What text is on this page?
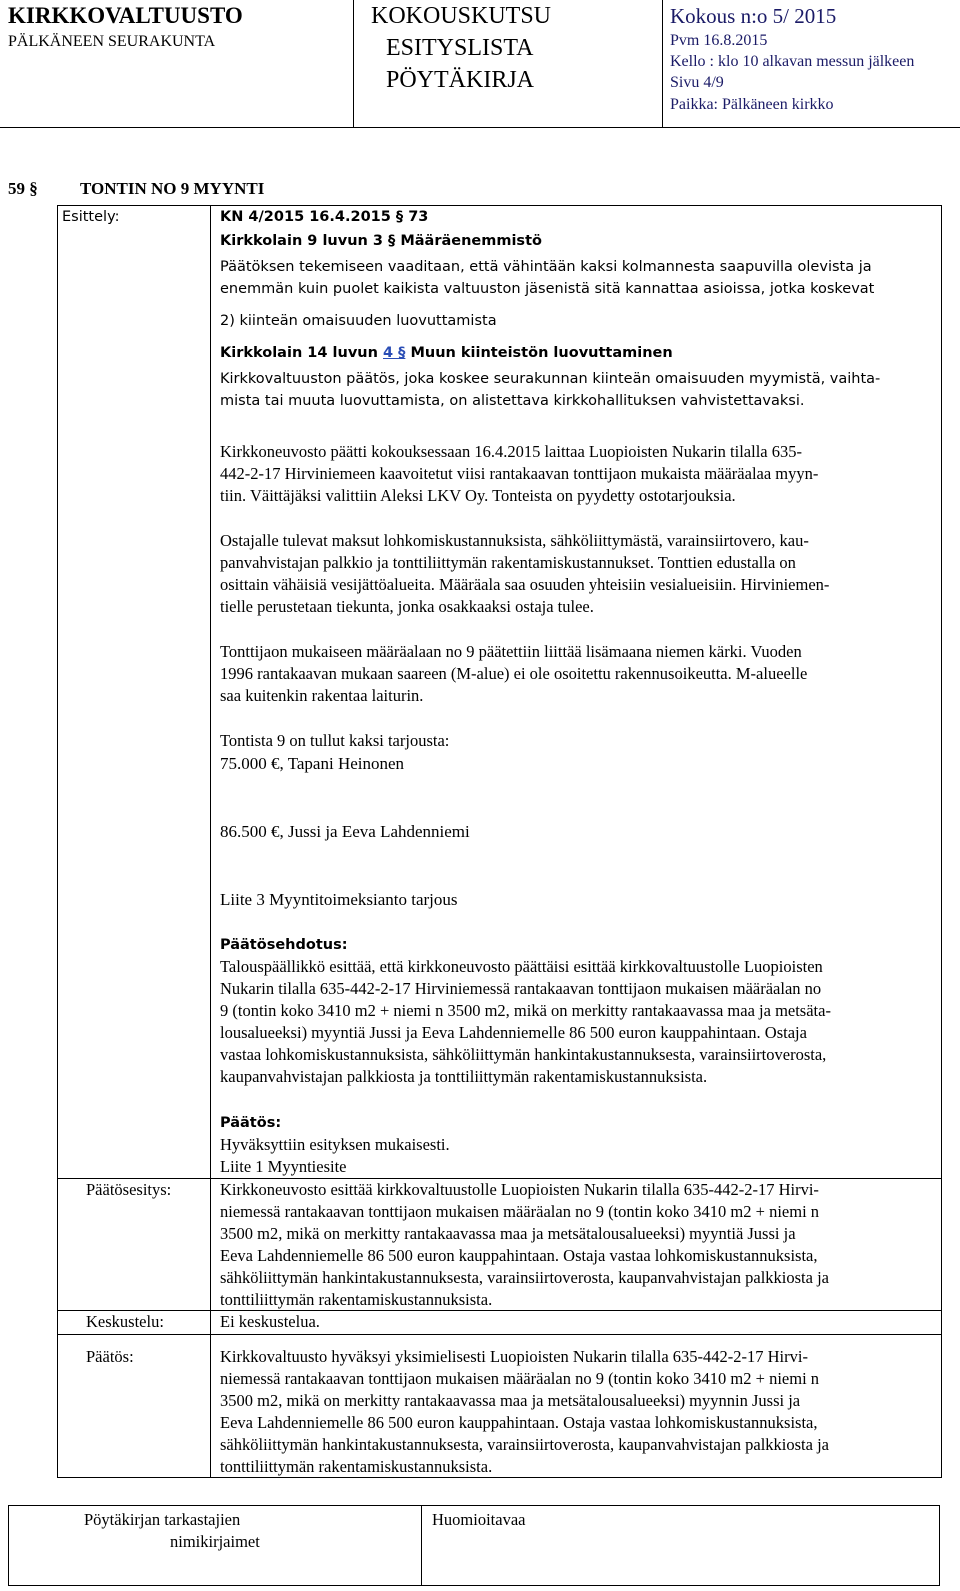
KIRKKOVALTUUSTO
PÄLKÄNEEN SEURAKUNTA
KOKOUSKUTSU
ESITYSLISTA
PÖYTÄKIRJA
Kokous n:o 5/ 2015
Pvm 16.8.2015
Kello : klo 10 alkavan messun jälkeen
Sivu 4/9
Paikka: Pälkäneen kirkko
59 § TONTIN NO 9 MYYNTI
Esittely:	KN 4/2015 16.4.2015 § 73
Kirkkolain 9 luvun 3 § Määräenemmistö
Päätöksen tekemiseen vaaditaan, että vähintään kaksi kolmannesta saapuvilla olevista ja
enemmän kuin puolet kaikista valtuuston jäsenistä sitä kannattaa asioissa, jotka koskevat
2) kiinteän omaisuuden luovuttamista
Kirkkolain 14 luvun 4 § Muun kiinteistön luovuttaminen
Kirkkovaltuuston päätös, joka koskee seurakunnan kiinteän omaisuuden myymistä, vaihta-
mista tai muuta luovuttamista, on alistettava kirkkohallituksen vahvistettavaksi.
Kirkkoneuvosto päätti kokouksessaan 16.4.2015 laittaa Luopioisten Nukarin tilalla 635-
442-2-17 Hirviniemeen kaavoitetut viisi rantakaavan tonttijaon mukaista määräalaa myyn-
tiin. Väittäjäksi valittiin Aleksi LKV Oy. Tonteista on pyydetty ostotarjouksia.
Ostajalle tulevat maksut lohkomiskustannuksista, sähköliittymästä, varainsiirtovero, kau-
panvahvistajan palkkio ja tonttiliittymän rakentamiskustannukset. Tonttien edustalla on
osittain vähäisiä vesijättöalueita. Määräala saa osuuden yhteisiin vesialueisiin. Hirviniemen-
tielle perustetaan tiekunta, jonka osakkaaksi ostaja tulee.
Tonttijaon mukaiseen määräalaan no 9 päätettiin liittää lisämaana niemen kärki. Vuoden
1996 rantakaavan mukaan saareen (M-alue) ei ole osoitettu rakennusoikeutta. M-alueelle
saa kuitenkin rakentaa laiturin.
Tontista 9 on tullut kaksi tarjousta:
75.000 €, Tapani Heinonen
86.500 €, Jussi ja Eeva Lahdenniemi
Liite 3 Myyntitoimeksianto tarjous
Päätösehdotus:
Talouspäällikkö esittää, että kirkkoneuvosto päättäisi esittää kirkkovaltuustolle Luopioisten
Nukarin tilalla 635-442-2-17 Hirviniemessä rantakaavan tonttijaon mukaisen määräalan no
9 (tontin koko 3410 m2 + niemi n 3500 m2, mikä on merkitty rantakaavassa maa ja metsäta-
lousalueeksi) myyntiä Jussi ja Eeva Lahdenniemelle 86 500 euron kauppahintaan. Ostaja
vastaa lohkomiskustannuksista, sähköliittymän hankintakustannuksesta, varainsiirtoverosta,
kaupanvahvistajan palkkiosta ja tonttiliittymän rakentamiskustannuksista.
Päätös:
Hyväksyttiin esityksen mukaisesti.
Liite 1 Myyntiesite
Päätösesitys:	Kirkkoneuvosto esittää kirkkovaltuustolle Luopioisten Nukarin tilalla 635-442-2-17 Hirvi-
niemessä rantakaavan tonttijaon mukaisen määräalan no 9 (tontin koko 3410 m2 + niemi n
3500 m2, mikä on merkitty rantakaavassa maa ja metsätalousalueeksi) myyntiä Jussi ja
Eeva Lahdenniemelle 86 500 euron kauppahintaan. Ostaja vastaa lohkomiskustannuksista,
sähköliittymän hankintakustannuksesta, varainsiirtoverosta, kaupanvahvistajan palkkiosta ja
tonttiliittymän rakentamiskustannuksista.
Keskustelu:	Ei keskustelua.
Päätös:	Kirkkovaltuusto hyväksyi yksimielisesti Luopioisten Nukarin tilalla 635-442-2-17 Hirvi-
niemessä rantakaavan tonttijaon mukaisen määräalan no 9 (tontin koko 3410 m2 + niemi n
3500 m2, mikä on merkitty rantakaavassa maa ja metsätalousalueeksi) myynnin Jussi ja
Eeva Lahdenniemelle 86 500 euron kauppahintaan. Ostaja vastaa lohkomiskustannuksista,
sähköliittymän hankintakustannuksesta, varainsiirtoverosta, kaupanvahvistajan palkkiosta ja
tonttiliittymän rakentamiskustannuksista.
Pöytäkirjan tarkastajien
nimikirjaimet
Huomioitavaa
